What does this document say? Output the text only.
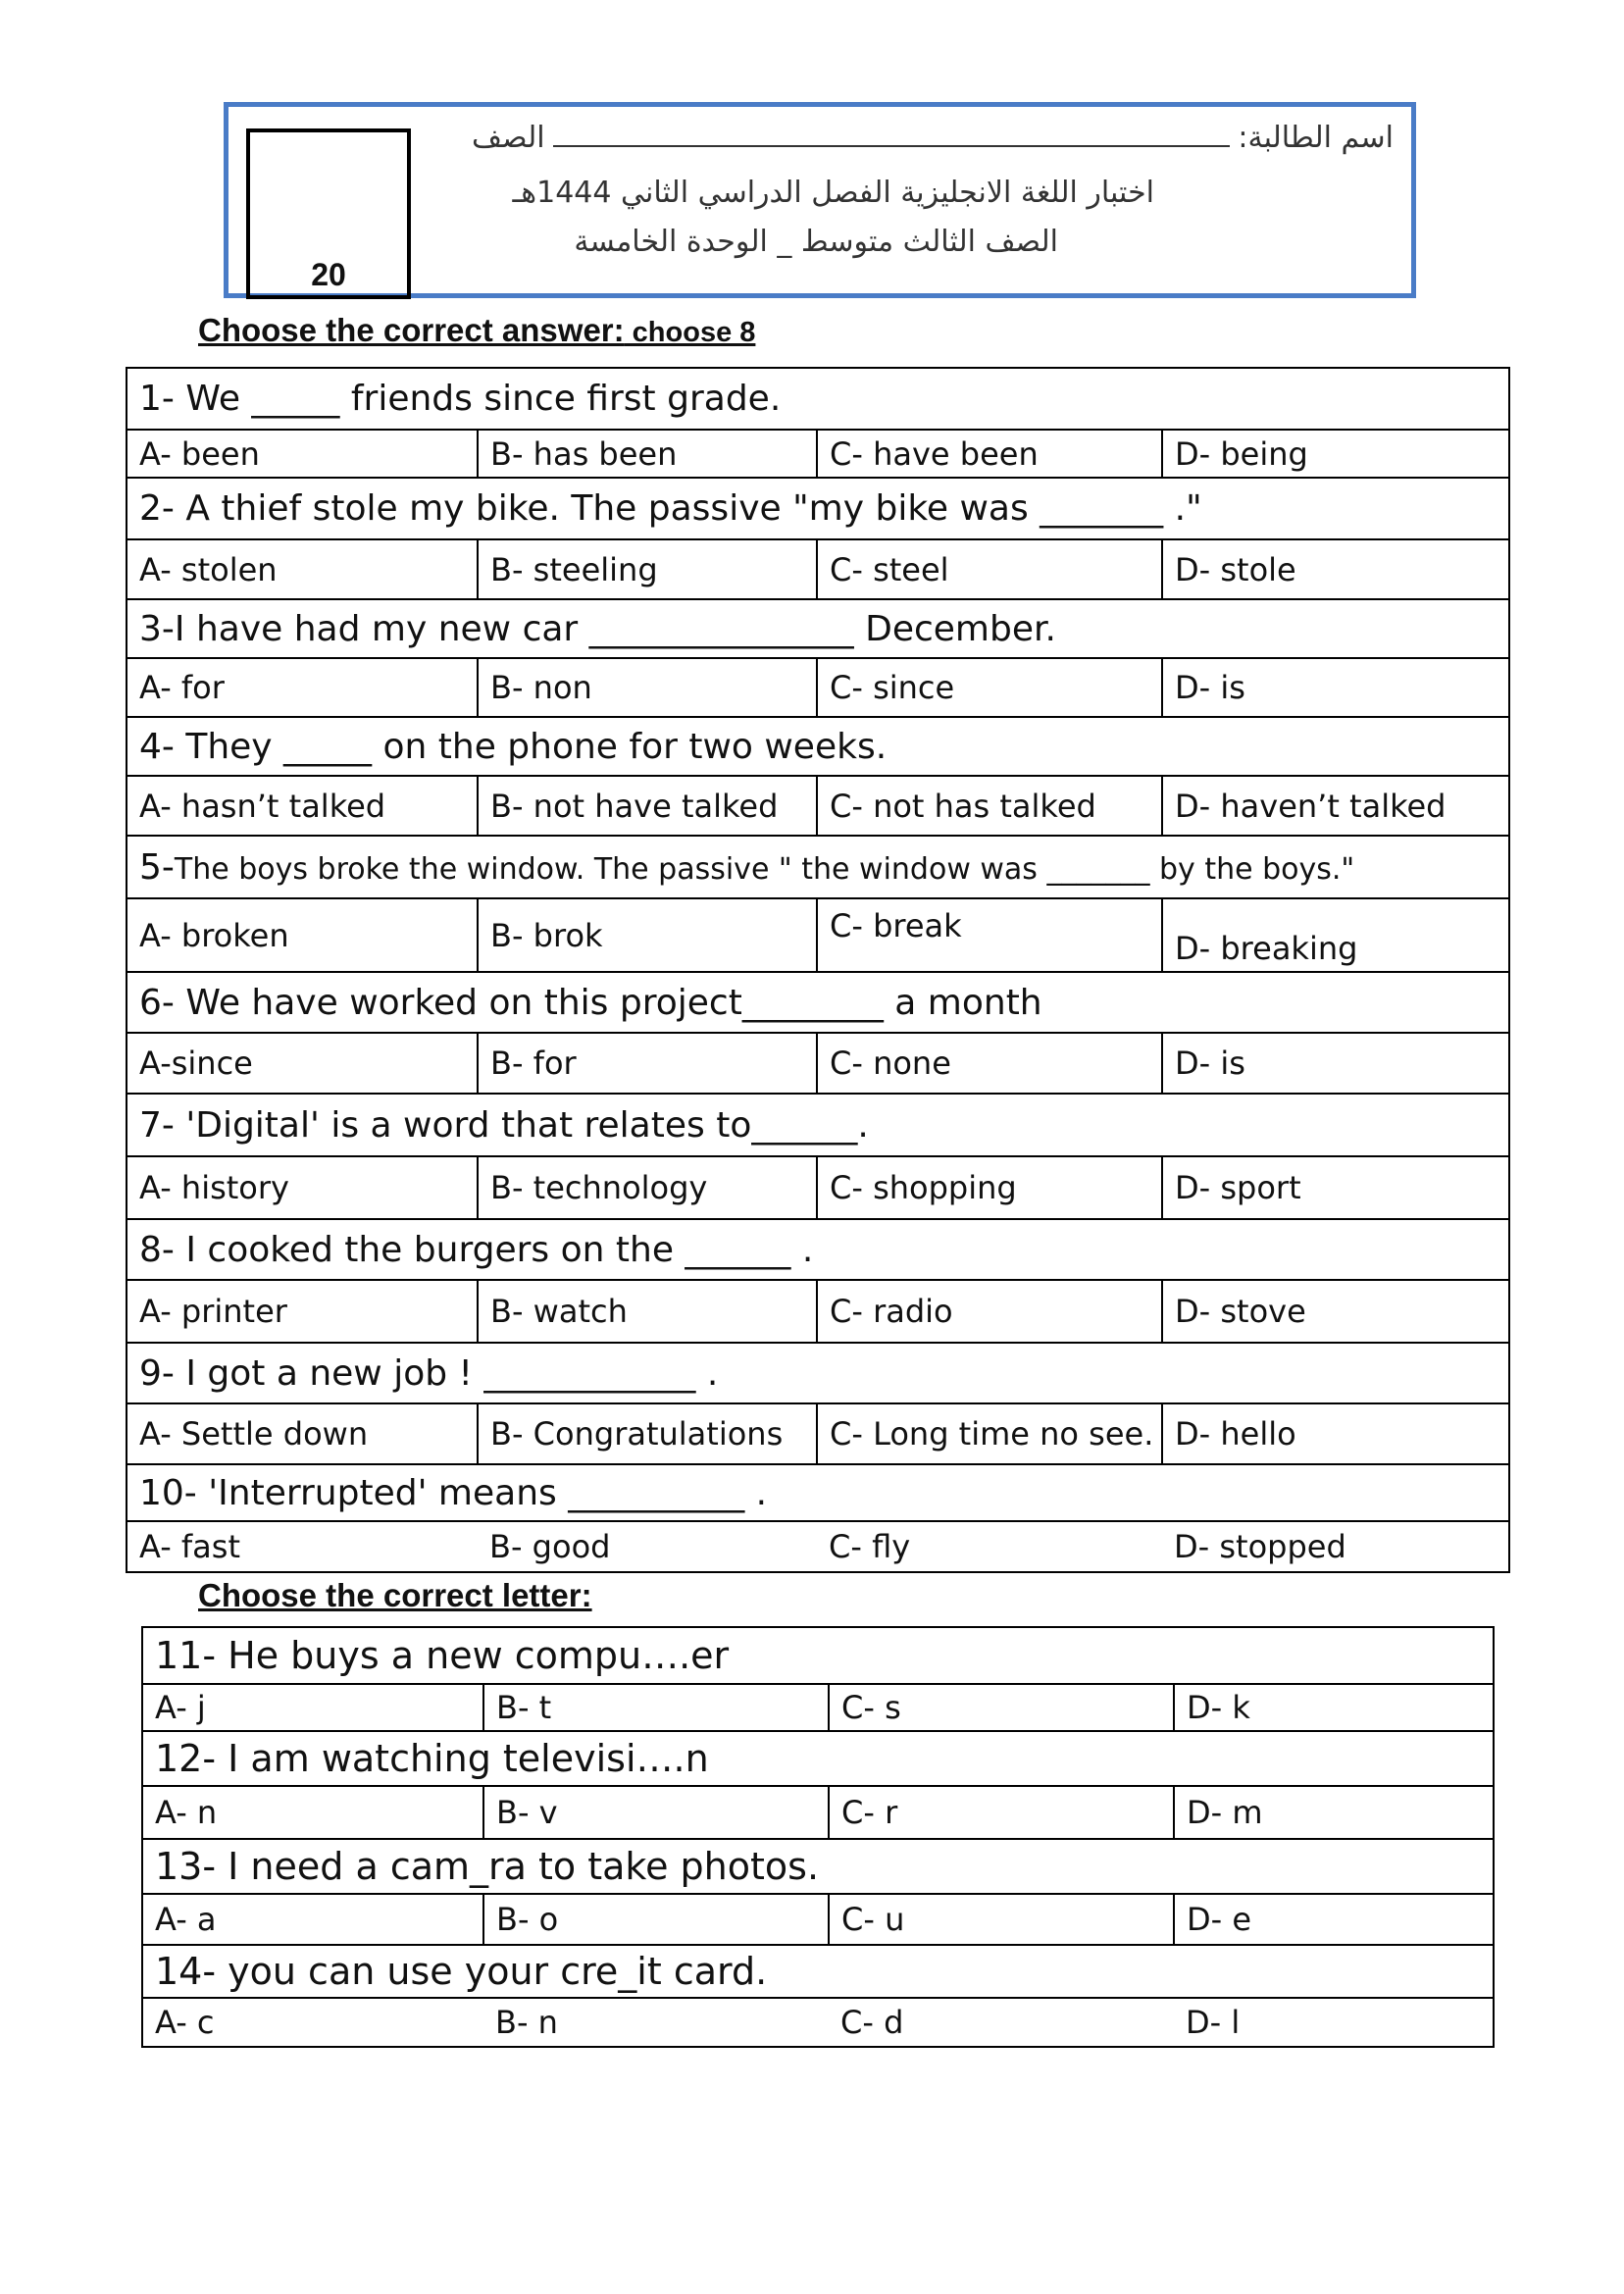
20
اسم الطالبة:
الصف
اختبار اللغة الانجليزية الفصل الدراسي الثاني 1444هـ
الصف الثالث متوسط _ الوحدة الخامسة
Choose the correct answer: choose 8
1- We _____ friends since first grade.			
A- been	B- has been	C- have been	D- being
2- A thief stole my bike. The passive "my bike was _______ ."			
A- stolen	B- steeling	C- steel	D- stole
3-I have had my new car _______________ December.			
A- for	B- non	C- since	D- is
4- They _____ on the phone for two weeks.			
A- hasn’t talked	B- not have talked	C- not has talked	D- haven’t talked
5-The boys broke the window. The passive " the window was _______ by the boys."			
A- broken	B- brok	C- break	D- breaking
6- We have worked on this project________ a month			
A-since	B- for	C- none	D- is
7- 'Digital' is a word that relates to______.			
A- history	B- technology	C- shopping	D- sport
8- I cooked the burgers on the ______ .			
A- printer	B- watch	C- radio	D- stove
9- I got a new job ! ____________ .			
A- Settle down	B- Congratulations	C- Long time no see.	D- hello
10- 'Interrupted' means __________ .			
A- fast	B- good	C- fly	D- stopped
Choose the correct letter:
11- He buys a new compu….er			
A- j	B- t	C- s	D- k
12- I am watching televisi….n			
A- n	B- v	C- r	D- m
13- I need a cam_ra to take photos.			
A- a	B- o	C- u	D- e
14- you can use your cre_it card.			
A- c	B- n	C- d	D- l
